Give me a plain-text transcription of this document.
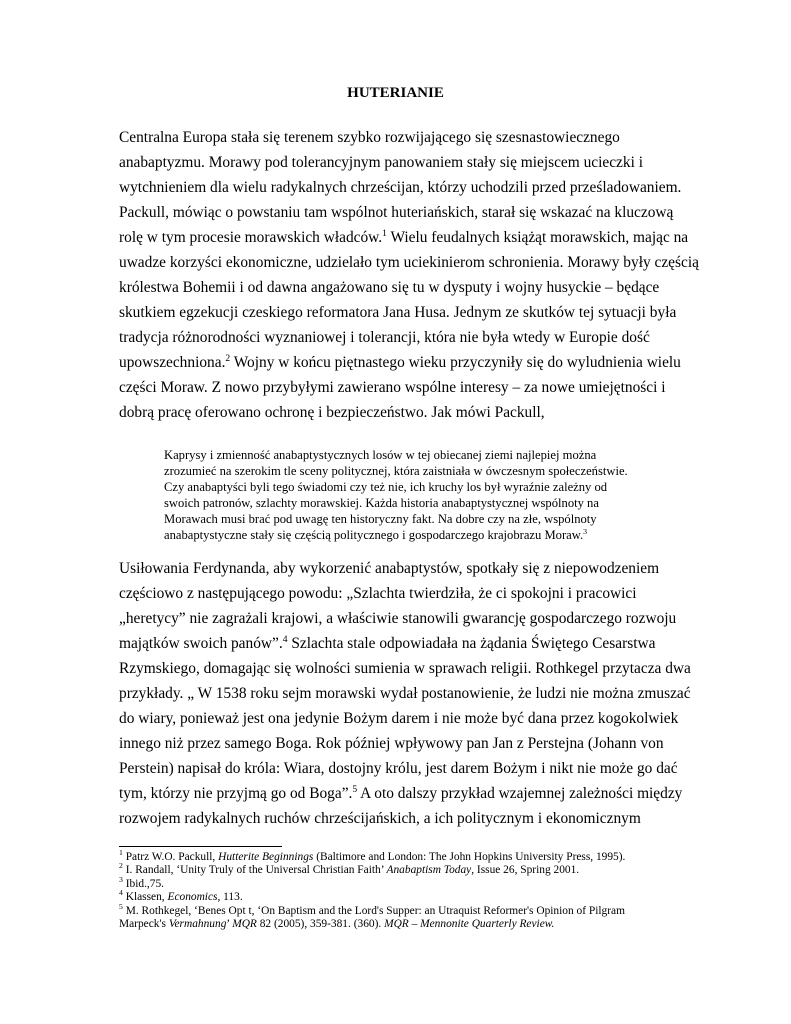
HUTERIANIE
Centralna Europa stała się terenem szybko rozwijającego się szesnastowiecznego
anabaptyzmu. Morawy pod tolerancyjnym panowaniem stały się miejscem ucieczki i
wytchnieniem dla wielu radykalnych chrześcijan, którzy uchodzili przed prześladowaniem.
Packull, mówiąc o powstaniu tam wspólnot huteriańskich, starał się wskazać na kluczową
rolę w tym procesie morawskich władców.$^1$ Wielu feudalnych książąt morawskich, mając na
uwadze korzyści ekonomiczne, udzielało tym uciekinierom schronienia. Morawy były częścią
królestwa Bohemii i od dawna angażowano się tu w dysputy i wojny husyckie – będące
skutkiem egzekucji czeskiego reformatora Jana Husa. Jednym ze skutków tej sytuacji była
tradycja różnorodności wyznaniowej i tolerancji, która nie była wtedy w Europie dość
upowszechniona.$^2$ Wojny w końcu piętnastego wieku przyczyniły się do wyludnienia wielu
części Moraw. Z nowo przybyłymi zawierano wspólne interesy – za nowe umiejętności i
dobrą pracę oferowano ochronę i bezpieczeństwo. Jak mówi Packull,
Kaprysy i zmienność anabaptystycznych losów w tej obiecanej ziemi najlepiej można
zrozumieć na szerokim tle sceny politycznej, która zaistniała w ówczesnym społeczeństwie.
Czy anabaptyści byli tego świadomi czy też nie, ich kruchy los był wyraźnie zależny od
swoich patronów, szlachty morawskiej. Każda historia anabaptystycznej wspólnoty na
Morawach musi brać pod uwagę ten historyczny fakt. Na dobre czy na złe, wspólnoty
anabaptystyczne stały się częścią politycznego i gospodarczego krajobrazu Moraw.$^3$
Usiłowania Ferdynanda, aby wykorzenić anabaptystów, spotkały się z niepowodzeniem
częściowo z następującego powodu: „Szlachta twierdziła, że ci spokojni i pracowici
„heretycy” nie zagrażali krajowi, a właściwie stanowili gwarancję gospodarczego rozwoju
majątków swoich panów”.$^4$ Szlachta stale odpowiadała na żądania Świętego Cesarstwa
Rzymskiego, domagając się wolności sumienia w sprawach religii. Rothkegel przytacza dwa
przykłady. „ W 1538 roku sejm morawski wydał postanowienie, że ludzi nie można zmuszać
do wiary, ponieważ jest ona jedynie Bożym darem i nie może być dana przez kogokolwiek
innego niż przez samego Boga. Rok później wpływowy pan Jan z Perstejna (Johann von
Perstein) napisał do króla: Wiara, dostojny królu, jest darem Bożym i nikt nie może go dać
tym, którzy nie przyjmą go od Boga”.$^5$ A oto dalszy przykład wzajemnej zależności między
rozwojem radykalnych ruchów chrześcijańskich, a ich politycznym i ekonomicznym
$^1$ Patrz W.O. Packull, Hutterite Beginnings (Baltimore and London: The John Hopkins University Press, 1995).
$^2$ I. Randall, ‘Unity Truly of the Universal Christian Faith’ Anabaptism Today, Issue 26, Spring 2001.
$^3$ Ibid.,75.
$^4$ Klassen, Economics, 113.
$^5$ M. Rothkegel, ‘Benes Opt t, ‘On Baptism and the Lord's Supper: an Utraquist Reformer's Opinion of Pilgram
Marpeck's Vermahnung’ MQR 82 (2005), 359-381. (360). MQR – Mennonite Quarterly Review.
